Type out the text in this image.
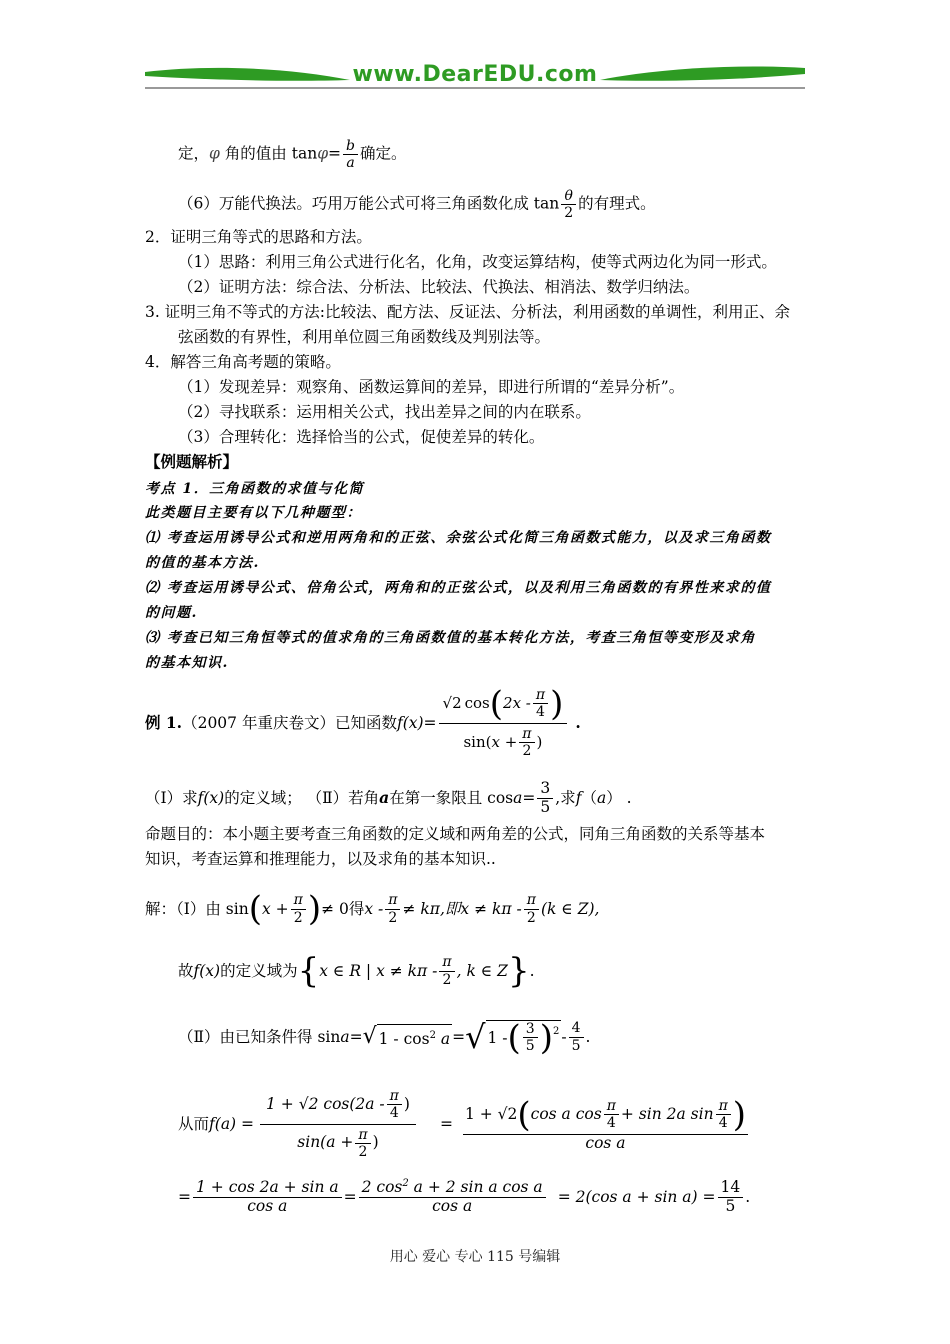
www.DearEDU.com
定，φ 角的值由 $\tan\varphi= \frac{b}{a}$ 确定。
（6）万能代换法。巧用万能公式可将三角函数化成 $\tan \frac{\theta}{2}$ 的有理式。
2．证明三角等式的思路和方法。
（1）思路：利用三角公式进行化名，化角，改变运算结构，使等式两边化为同一形式。
（2）证明方法：综合法、分析法、比较法、代换法、相消法、数学归纳法。
3. 证明三角不等式的方法:比较法、配方法、反证法、分析法，利用函数的单调性，利用正、余
弦函数的有界性，利用单位圆三角函数线及判别法等。
4．解答三角高考题的策略。
（1）发现差异：观察角、函数运算间的差异，即进行所谓的“差异分析”。
（2）寻找联系：运用相关公式，找出差异之间的内在联系。
（3）合理转化：选择恰当的公式，促使差异的转化。
【例题解析】
考点 1．三角函数的求值与化简
此类题目主要有以下几种题型：
⑴ 考查运用诱导公式和逆用两角和的正弦、余弦公式化简三角函数式能力，以及求三角函数
的值的基本方法.
⑵ 考查运用诱导公式、倍角公式，两角和的正弦公式，以及利用三角函数的有界性来求的值
的问题.
⑶ 考查已知三角恒等式的值求角的三角函数值的基本转化方法，考查三角恒等变形及求角
的基本知识.
例 1. （2007 年重庆卷文）已知函数 $f(x)= \frac{√2 \cos ( 2x - \frac{\pi}{4} )}{\sin( x + \frac{\pi}{2} )}$ .
（Ⅰ）求 f(x) 的定义域； （Ⅱ）若角 a 在第一象限且 $\cos a = \frac{3}{5}$ ,求 f （ a ） .
命题目的：本小题主要考查三角函数的定义域和两角差的公式，同角三角函数的关系等基本
知识，考查运算和推理能力，以及求角的基本知识..
解：（Ⅰ）由 sin ( $x + \frac{\pi}{2}$ ) ≠ 0得 $x - \frac{\pi}{2} \ne k\pi$,即 $x \ne k\pi - \frac{\pi}{2} (k$ ∈ Z),
故 f(x) 的定义域为 { x ∈ R | $x \ne k\pi - \frac{\pi}{2}$ , k ∈ Z } .
（Ⅱ）由已知条件得 sin a = √ $1 - \cos^2 a$ = √ 1 - ( $\frac{3}{5} )^2 - \frac{4}{5}$ .
从而 f $(a) = \frac{1 + √2 \cos(2a - \frac{\pi}{4} )}{\sin(a + \frac{\pi}{2} )} = \frac{1 + √2 ( \cos a \cos \frac{\pi}{4} + \sin 2a \sin \frac{\pi}{4} )}{\text{cos a}}$
= $\frac{\text{1 + cos 2a + sin a}}{\text{cos a}} = \frac{2 \cos^2 a + 2 \sin a \cos a}{\text{cos a}} = 2(\cos$ $a + \sin a) = \frac{14}{5}$ .
用心 爱心 专心 115 号编辑
